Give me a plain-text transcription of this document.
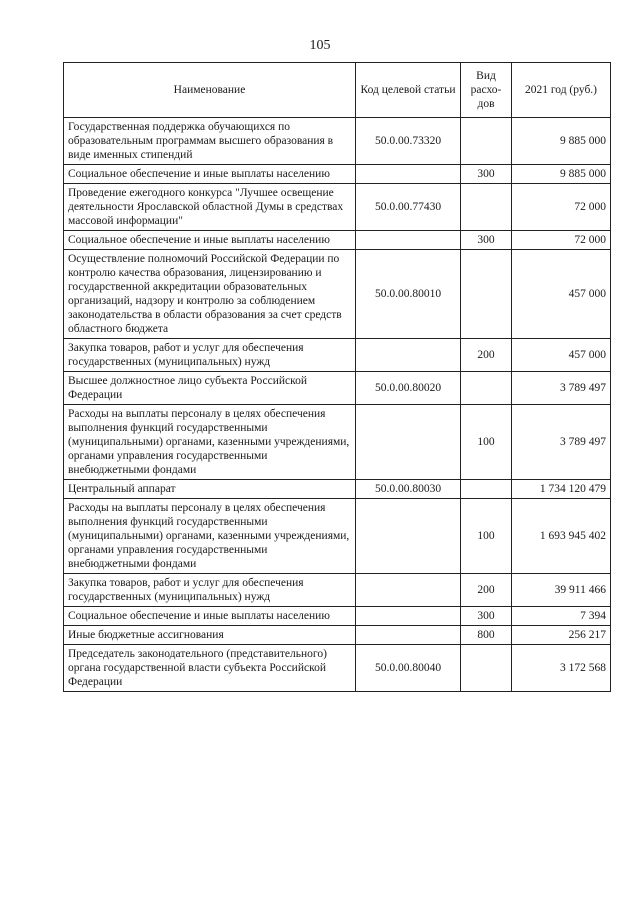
105
Наименование	Код целевой статьи	Вид расхо-дов	2021 год (руб.)
Государственная поддержка обучающихся по образовательным программам высшего образования в виде именных стипендий	50.0.00.73320		9 885 000
Социальное обеспечение и иные выплаты населению		300	9 885 000
Проведение ежегодного конкурса "Лучшее освещение деятельности Ярославской областной Думы в средствах массовой информации"	50.0.00.77430		72 000
Социальное обеспечение и иные выплаты населению		300	72 000
Осуществление полномочий Российской Федерации по контролю качества образования, лицензированию и государственной аккредитации образовательных организаций, надзору и контролю за соблюдением законодательства в области образования за счет средств областного бюджета	50.0.00.80010		457 000
Закупка товаров, работ и услуг для обеспечения государственных (муниципальных) нужд		200	457 000
Высшее должностное лицо субъекта Российской Федерации	50.0.00.80020		3 789 497
Расходы на выплаты персоналу в целях обеспечения выполнения функций государственными (муниципальными) органами, казенными учреждениями, органами управления государственными внебюджетными фондами		100	3 789 497
Центральный аппарат	50.0.00.80030		1 734 120 479
Расходы на выплаты персоналу в целях обеспечения выполнения функций государственными (муниципальными) органами, казенными учреждениями, органами управления государственными внебюджетными фондами		100	1 693 945 402
Закупка товаров, работ и услуг для обеспечения государственных (муниципальных) нужд		200	39 911 466
Социальное обеспечение и иные выплаты населению		300	7 394
Иные бюджетные ассигнования		800	256 217
Председатель законодательного (представительного) органа государственной власти субъекта Российской Федерации	50.0.00.80040		3 172 568
